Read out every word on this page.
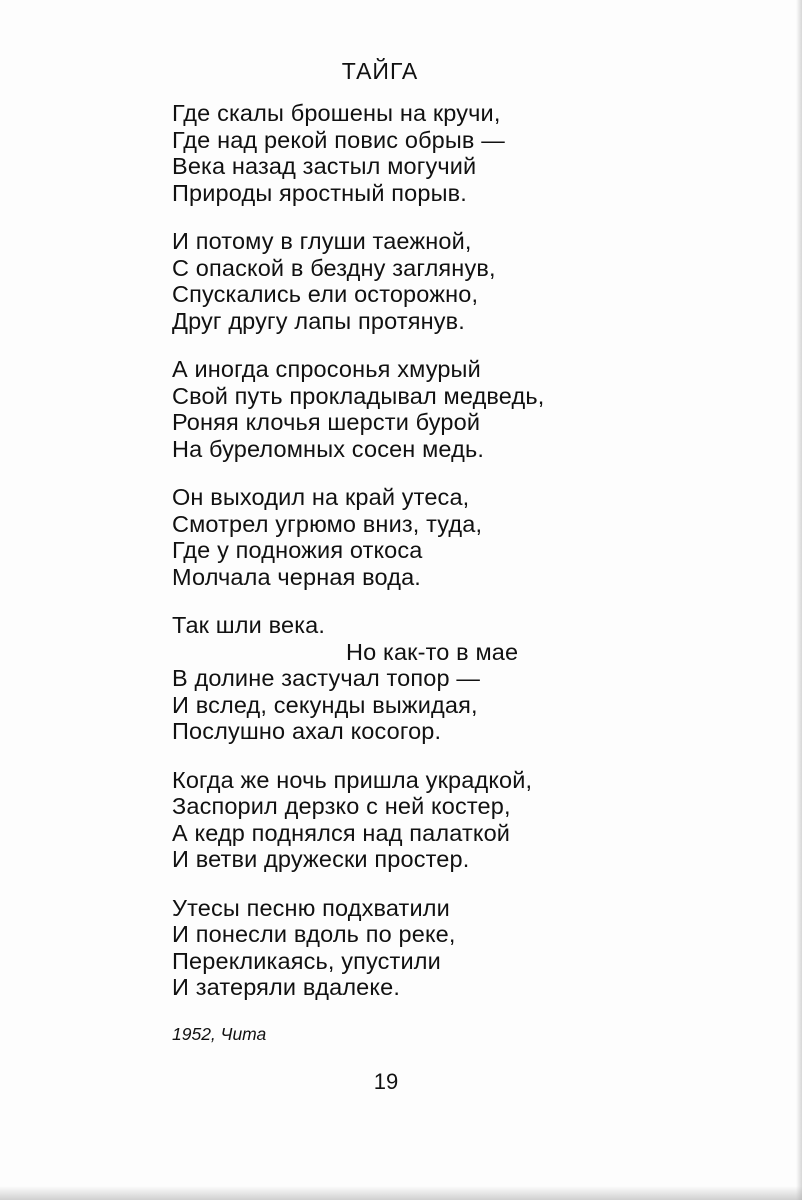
ТАЙГА
Где скалы брошены на кручи,
Где над рекой повис обрыв —
Века назад застыл могучий
Природы яростный порыв.
И потому в глуши таежной,
С опаской в бездну заглянув,
Спускались ели осторожно,
Друг другу лапы протянув.
А иногда спросонья хмурый
Свой путь прокладывал медведь,
Роняя клочья шерсти бурой
На буреломных сосен медь.
Он выходил на край утеса,
Смотрел угрюмо вниз, туда,
Где у подножия откоса
Молчала черная вода.
Так шли века.
Но как-то в мае
В долине застучал топор —
И вслед, секунды выжидая,
Послушно ахал косогор.
Когда же ночь пришла украдкой,
Заспорил дерзко с ней костер,
А кедр поднялся над палаткой
И ветви дружески простер.
Утесы песню подхватили
И понесли вдоль по реке,
Перекликаясь, упустили
И затеряли вдалеке.
1952, Чита
19
